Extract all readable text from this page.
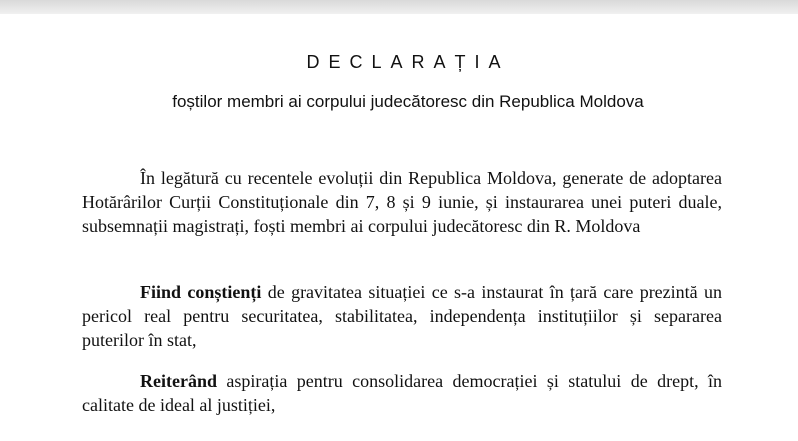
DECLARAȚIA
foștilor membri ai corpului judecătoresc din Republica Moldova
În legătură cu recentele evoluții din Republica Moldova, generate de adoptarea Hotărârilor Curții Constituționale din 7, 8 și 9 iunie, și instaurarea unei puteri duale, subsemnații magistrați, foști membri ai corpului judecătoresc din R. Moldova
Fiind conștienți de gravitatea situației ce s-a instaurat în țară care prezintă un pericol real pentru securitatea, stabilitatea, independența instituțiilor și separarea puterilor în stat,
Reiterând aspirația pentru consolidarea democrației și statului de drept, în calitate de ideal al justiției,
